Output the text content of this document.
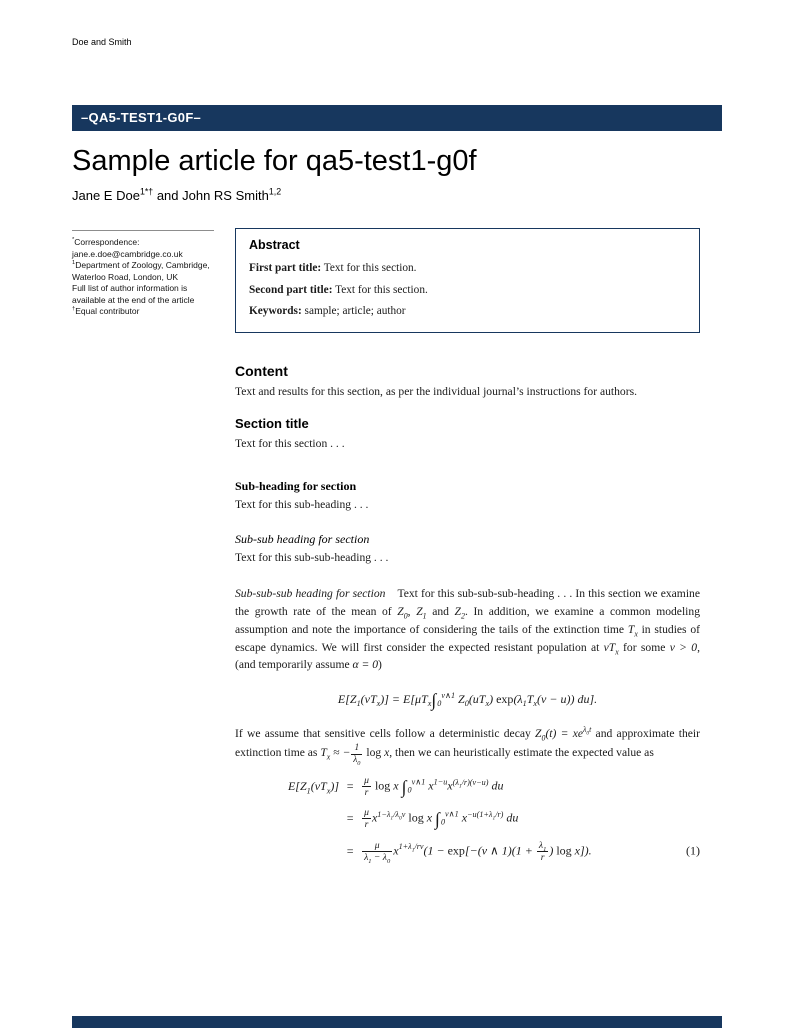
Doe and Smith
–QA5-TEST1-G0F–
Sample article for qa5-test1-g0f
Jane E Doe$^{1*\dagger}$ and John RS Smith$^{1,2}$
*Correspondence:
jane.e.doe@cambridge.co.uk
$^1$Department of Zoology, Cambridge, Waterloo Road, London, UK
Full list of author information is available at the end of the article
†Equal contributor
Abstract

First part title: Text for this section.

Second part title: Text for this section.

Keywords: sample; article; author

Content

Text and results for this section, as per the individual journal’s instructions for authors.

Section title

Text for this section . . .

Sub-heading for section

Text for this sub-heading . . .

Sub-sub heading for section

Text for this sub-sub-heading . . .

Sub-sub-sub heading for section Text for this sub-sub-sub-heading . . . In this section we examine the growth rate of the mean of $Z_0$, $Z_1$ and $Z_2$. In addition, we examine a common modeling assumption and note the importance of considering the tails of the extinction time $T_x$ in studies of escape dynamics. We will first consider the expected resistant population at $vT_x$ for some v > 0, (and temporarily assume α = 0)

$E[Z_1(vT_x)] = E[\mu T_x\int_0^{v\wedge 1}$ $Z_0(uT_x) \exp(\lambda_1T_x(v - u))$ du].

If we assume that sensitive cells follow a deterministic decay $Z_0(t) = xe^{\lambda_0t}$ and approximate their extinction time as $T_x$ ≈ − $\frac{1}{\lambda_0}$ log x, then we can heuristically estimate the expected value as

$E[Z_1(vT_x)] = \frac{\mu}{r}$ log x $\int_0^{v\wedge 1}$ $x^{1-u}x^{(\lambda_1/r)(v-u)}$ du
= $\frac{\mu}{r} x^{1-\lambda_1/\lambda_0v}$ log x $\int_0^{v\wedge 1}$ $x^{-u(1+\lambda_1/r)}$ du
= $\frac{\mu}{\lambda_1 - \lambda_0} x^{1+\lambda_1/rv}(1 - \exp[-(v$ ∧ $1)(1 + \frac{\lambda_1}{r}$ ) log x]).	(1)
